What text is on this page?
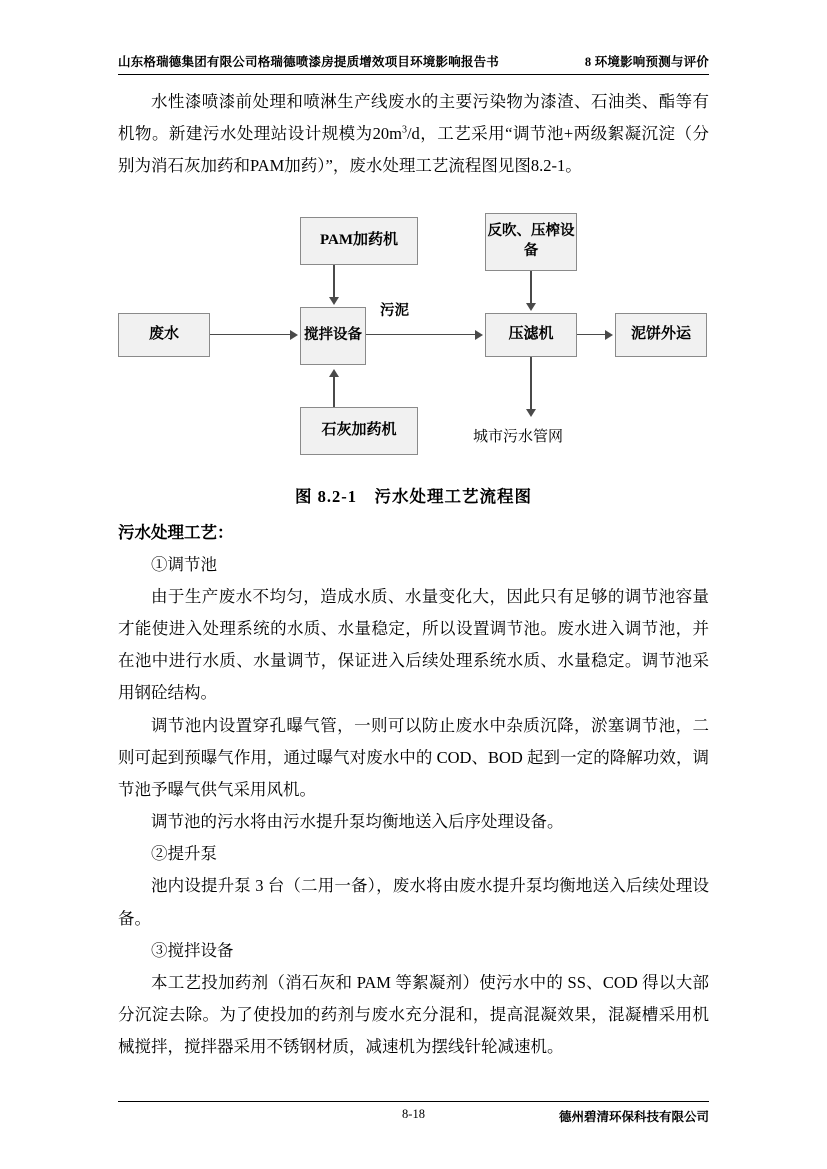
山东格瑞德集团有限公司格瑞德喷漆房提质增效项目环境影响报告书	8 环境影响预测与评价

水性漆喷漆前处理和喷淋生产线废水的主要污染物为漆渣、石油类、酯等有机物。新建污水处理站设计规模为$20m^3/d$，工艺采用“调节池+两级絮凝沉淀（分别为消石灰加药和PAM加药）”，废水处理工艺流程图见图8.2-1。

PAM加药机
反吹、压榨设备
废水	搅拌设备	压滤机	泥饼外运
石灰加药机
污泥
城市污水管网
图 8.2-1　污水处理工艺流程图

污水处理工艺：

①调节池

由于生产废水不均匀，造成水质、水量变化大，因此只有足够的调节池容量才能使进入处理系统的水质、水量稳定，所以设置调节池。废水进入调节池，并在池中进行水质、水量调节，保证进入后续处理系统水质、水量稳定。调节池采用钢砼结构。

调节池内设置穿孔曝气管，一则可以防止废水中杂质沉降，淤塞调节池，二则可起到预曝气作用，通过曝气对废水中的 COD、BOD 起到一定的降解功效，调节池予曝气供气采用风机。

调节池的污水将由污水提升泵均衡地送入后序处理设备。

②提升泵

池内设提升泵 3 台（二用一备），废水将由废水提升泵均衡地送入后续处理设备。

③搅拌设备

本工艺投加药剂（消石灰和 PAM 等絮凝剂）使污水中的 SS、COD 得以大部分沉淀去除。为了使投加的药剂与废水充分混和，提高混凝效果，混凝槽采用机械搅拌，搅拌器采用不锈钢材质，减速机为摆线针轮减速机。

8-18	德州碧清环保科技有限公司
